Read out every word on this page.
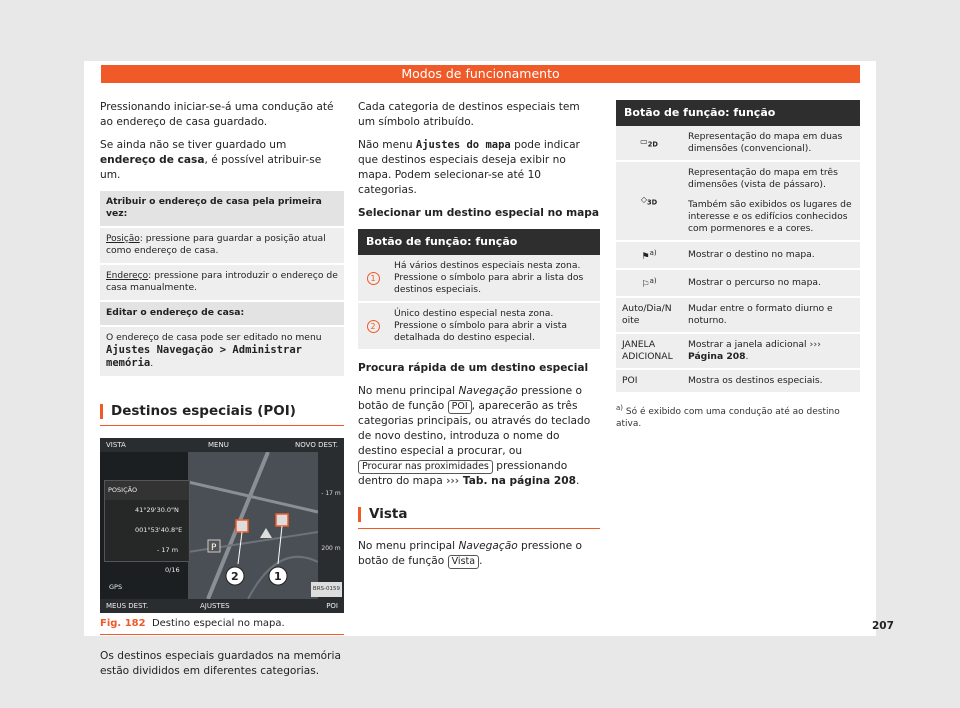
Modos de funcionamento

Pressionando iniciar-se-á uma condução até ao endereço de casa guardado.

Se ainda não se tiver guardado um endereço de casa, é possível atribuir-se um.

Atribuir o endereço de casa pela primeira vez:
Posição: pressione para guardar a posição atual como endereço de casa.
Endereço: pressione para introduzir o endereço de casa manualmente.
Editar o endereço de casa:
O endereço de casa pode ser editado no menu Ajustes Navegação > Administrar memória.
Destinos especiais (POI)
VISTA	MENU	NOVO DEST.
P
2	1
POSIÇÃO
41°29'30.0"N
001°53'40.8"E
- 17 m
0/16
GPS
- 17 m
200 m
MEUS DEST.	AJUSTES	POI
BRS-0159
Fig. 182 Destino especial no mapa.

Os destinos especiais guardados na memória estão divididos em diferentes categorias.

Cada categoria de destinos especiais tem um símbolo atribuído.

Não menu Ajustes do mapa pode indicar que destinos especiais deseja exibir no mapa. Podem selecionar-se até 10 categorias.

Selecionar um destino especial no mapa

Botão de função: função	
1	Há vários destinos especiais nesta zona. Pressione o símbolo para abrir a lista dos destinos especiais.
2	Único destino especial nesta zona. Pressione o símbolo para abrir a vista detalhada do destino especial.

Procura rápida de um destino especial

No menu principal Navegação pressione o botão de função POI , aparecerão as três categorias principais, ou através do teclado de novo destino, introduza o nome do destino especial a procurar, ou Procurar nas proximidades pressionando dentro do mapa ››› Tab. na página 208.

Vista

No menu principal Navegação pressione o botão de função Vista .

Botão de função: função	
$▭_{2D}$	Representação do mapa em duas dimensões (convencional).
$◇_{3D}$	Representação do mapa em três dimensões (vista de pássaro).
Também são exibidos os lugares de interesse e os edifícios conhecidos com pormenores e a cores.

⚑$^{a)}$	Mostrar o destino no mapa.
⚐$^{a)}$	Mostrar o percurso no mapa.
Auto/Dia/Noite	Mudar entre o formato diurno e noturno.
JANELA ADICIONAL	Mostrar a janela adicional ››› Página 208.
POI	Mostra os destinos especiais.
$^{a)}$ Só é exibido com uma condução até ao destino ativa.
207
